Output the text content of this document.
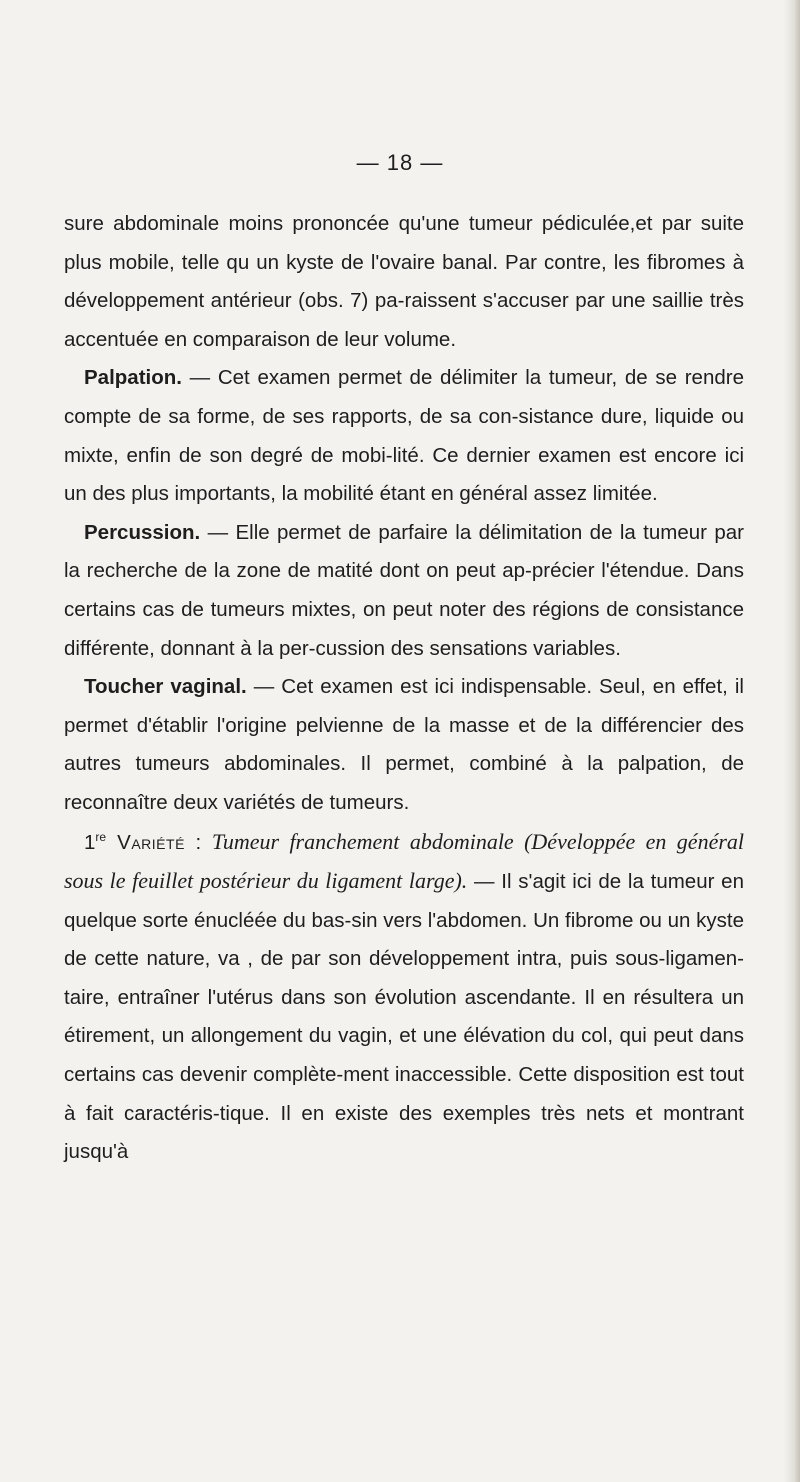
— 18 —

sure abdominale moins prononcée qu'une tumeur pédiculée,et par suite plus mobile, telle qu un kyste de l'ovaire banal. Par contre, les fibromes à développement antérieur (obs. 7) pa-raissent s'accuser par une saillie très accentuée en comparaison de leur volume.

Palpation. — Cet examen permet de délimiter la tumeur, de se rendre compte de sa forme, de ses rapports, de sa con-sistance dure, liquide ou mixte, enfin de son degré de mobi-lité. Ce dernier examen est encore ici un des plus importants, la mobilité étant en général assez limitée.

Percussion. — Elle permet de parfaire la délimitation de la tumeur par la recherche de la zone de matité dont on peut ap-précier l'étendue. Dans certains cas de tumeurs mixtes, on peut noter des régions de consistance différente, donnant à la per-cussion des sensations variables.

Toucher vaginal. — Cet examen est ici indispensable. Seul, en effet, il permet d'établir l'origine pelvienne de la masse et de la différencier des autres tumeurs abdominales. Il permet, combiné à la palpation, de reconnaître deux variétés de tumeurs.

1re Variété : Tumeur franchement abdominale (Développée en général sous le feuillet postérieur du ligament large). — Il s'agit ici de la tumeur en quelque sorte énucléée du bas-sin vers l'abdomen. Un fibrome ou un kyste de cette nature, va , de par son développement intra, puis sous-ligamen-taire, entraîner l'utérus dans son évolution ascendante. Il en résultera un étirement, un allongement du vagin, et une élévation du col, qui peut dans certains cas devenir complète-ment inaccessible. Cette disposition est tout à fait caractéris-tique. Il en existe des exemples très nets et montrant jusqu'à
